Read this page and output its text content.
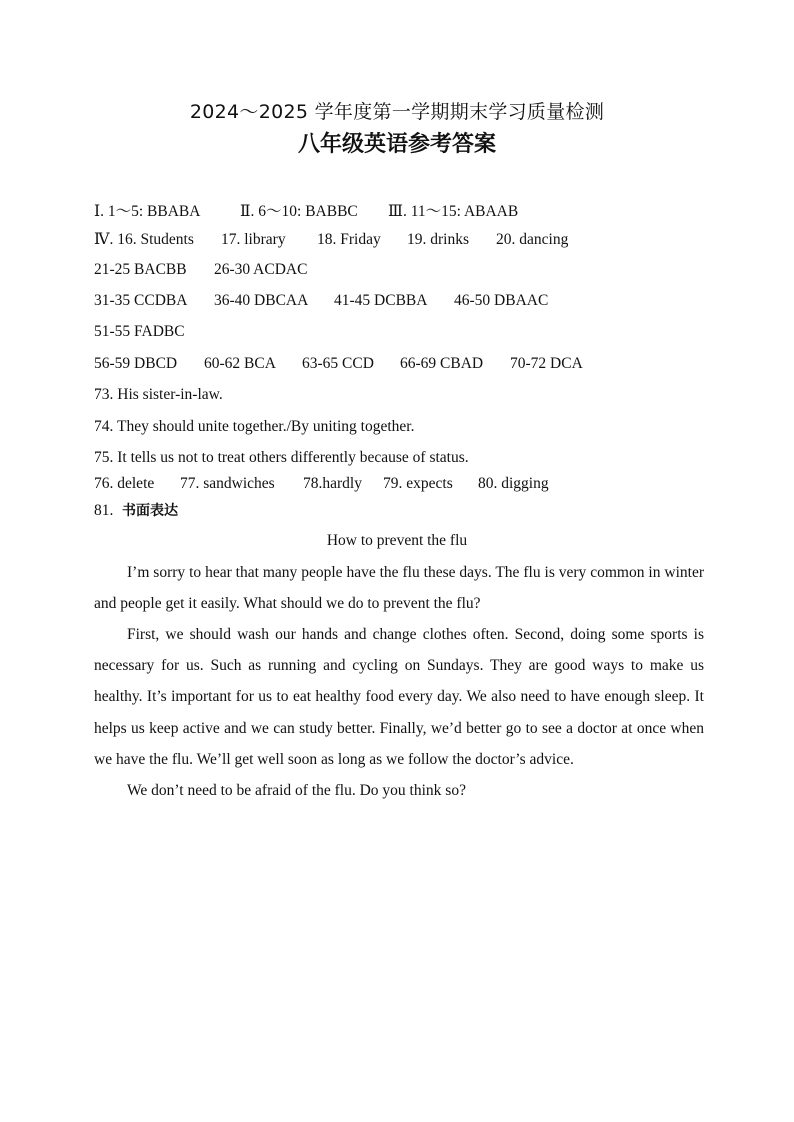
2024～2025 学年度第一学期期末学习质量检测
八年级英语参考答案
Ⅰ. 1～5: BBABA	Ⅱ. 6～10: BABBC Ⅲ. 11～15: ABAAB
Ⅳ. 16. Students 17. library 18. Friday 19. drinks 20. dancing
21-25 BACBB 26-30 ACDAC
31-35 CCDBA 36-40 DBCAA 41-45 DCBBA 46-50 DBAAC
51-55 FADBC
56-59 DBCD 60-62 BCA 63-65 CCD 66-69 CBAD 70-72 DCA
73. His sister-in-law.
74. They should unite together./By uniting together.
75. It tells us not to treat others differently because of status.
76. delete 77. sandwiches 78.hardly 79. expects 80. digging
81. 书面表达
How to prevent the flu

I’m sorry to hear that many people have the flu these days. The flu is very common in winter and people get it easily. What should we do to prevent the flu?

First, we should wash our hands and change clothes often. Second, doing some sports is necessary for us. Such as running and cycling on Sundays. They are good ways to make us healthy. It’s important for us to eat healthy food every day. We also need to have enough sleep. It helps us keep active and we can study better. Finally, we’d better go to see a doctor at once when we have the flu. We’ll get well soon as long as we follow the doctor’s advice.

We don’t need to be afraid of the flu. Do you think so?
